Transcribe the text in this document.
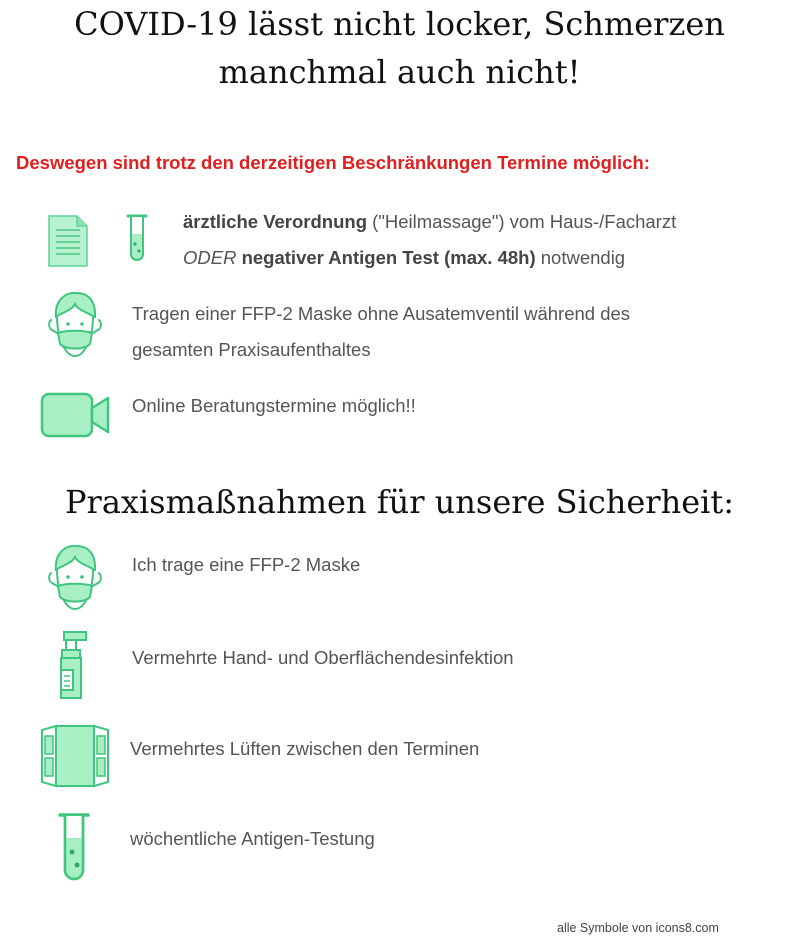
COVID-19 lässt nicht locker, Schmerzen
manchmal auch nicht!

Deswegen sind trotz den derzeitigen Beschränkungen Termine möglich:

ärztliche Verordnung ("Heilmassage") vom Haus-/Facharzt
ODER negativer Antigen Test (max. 48h) notwendig
Tragen einer FFP-2 Maske ohne Ausatemventil während des
gesamten Praxisaufenthaltes
Online Beratungstermine möglich!!
Praxismaßnahmen für unsere Sicherheit:
Ich trage eine FFP-2 Maske
Vermehrte Hand- und Oberflächendesinfektion
Vermehrtes Lüften zwischen den Terminen
wöchentliche Antigen-Testung
alle Symbole von icons8.com
